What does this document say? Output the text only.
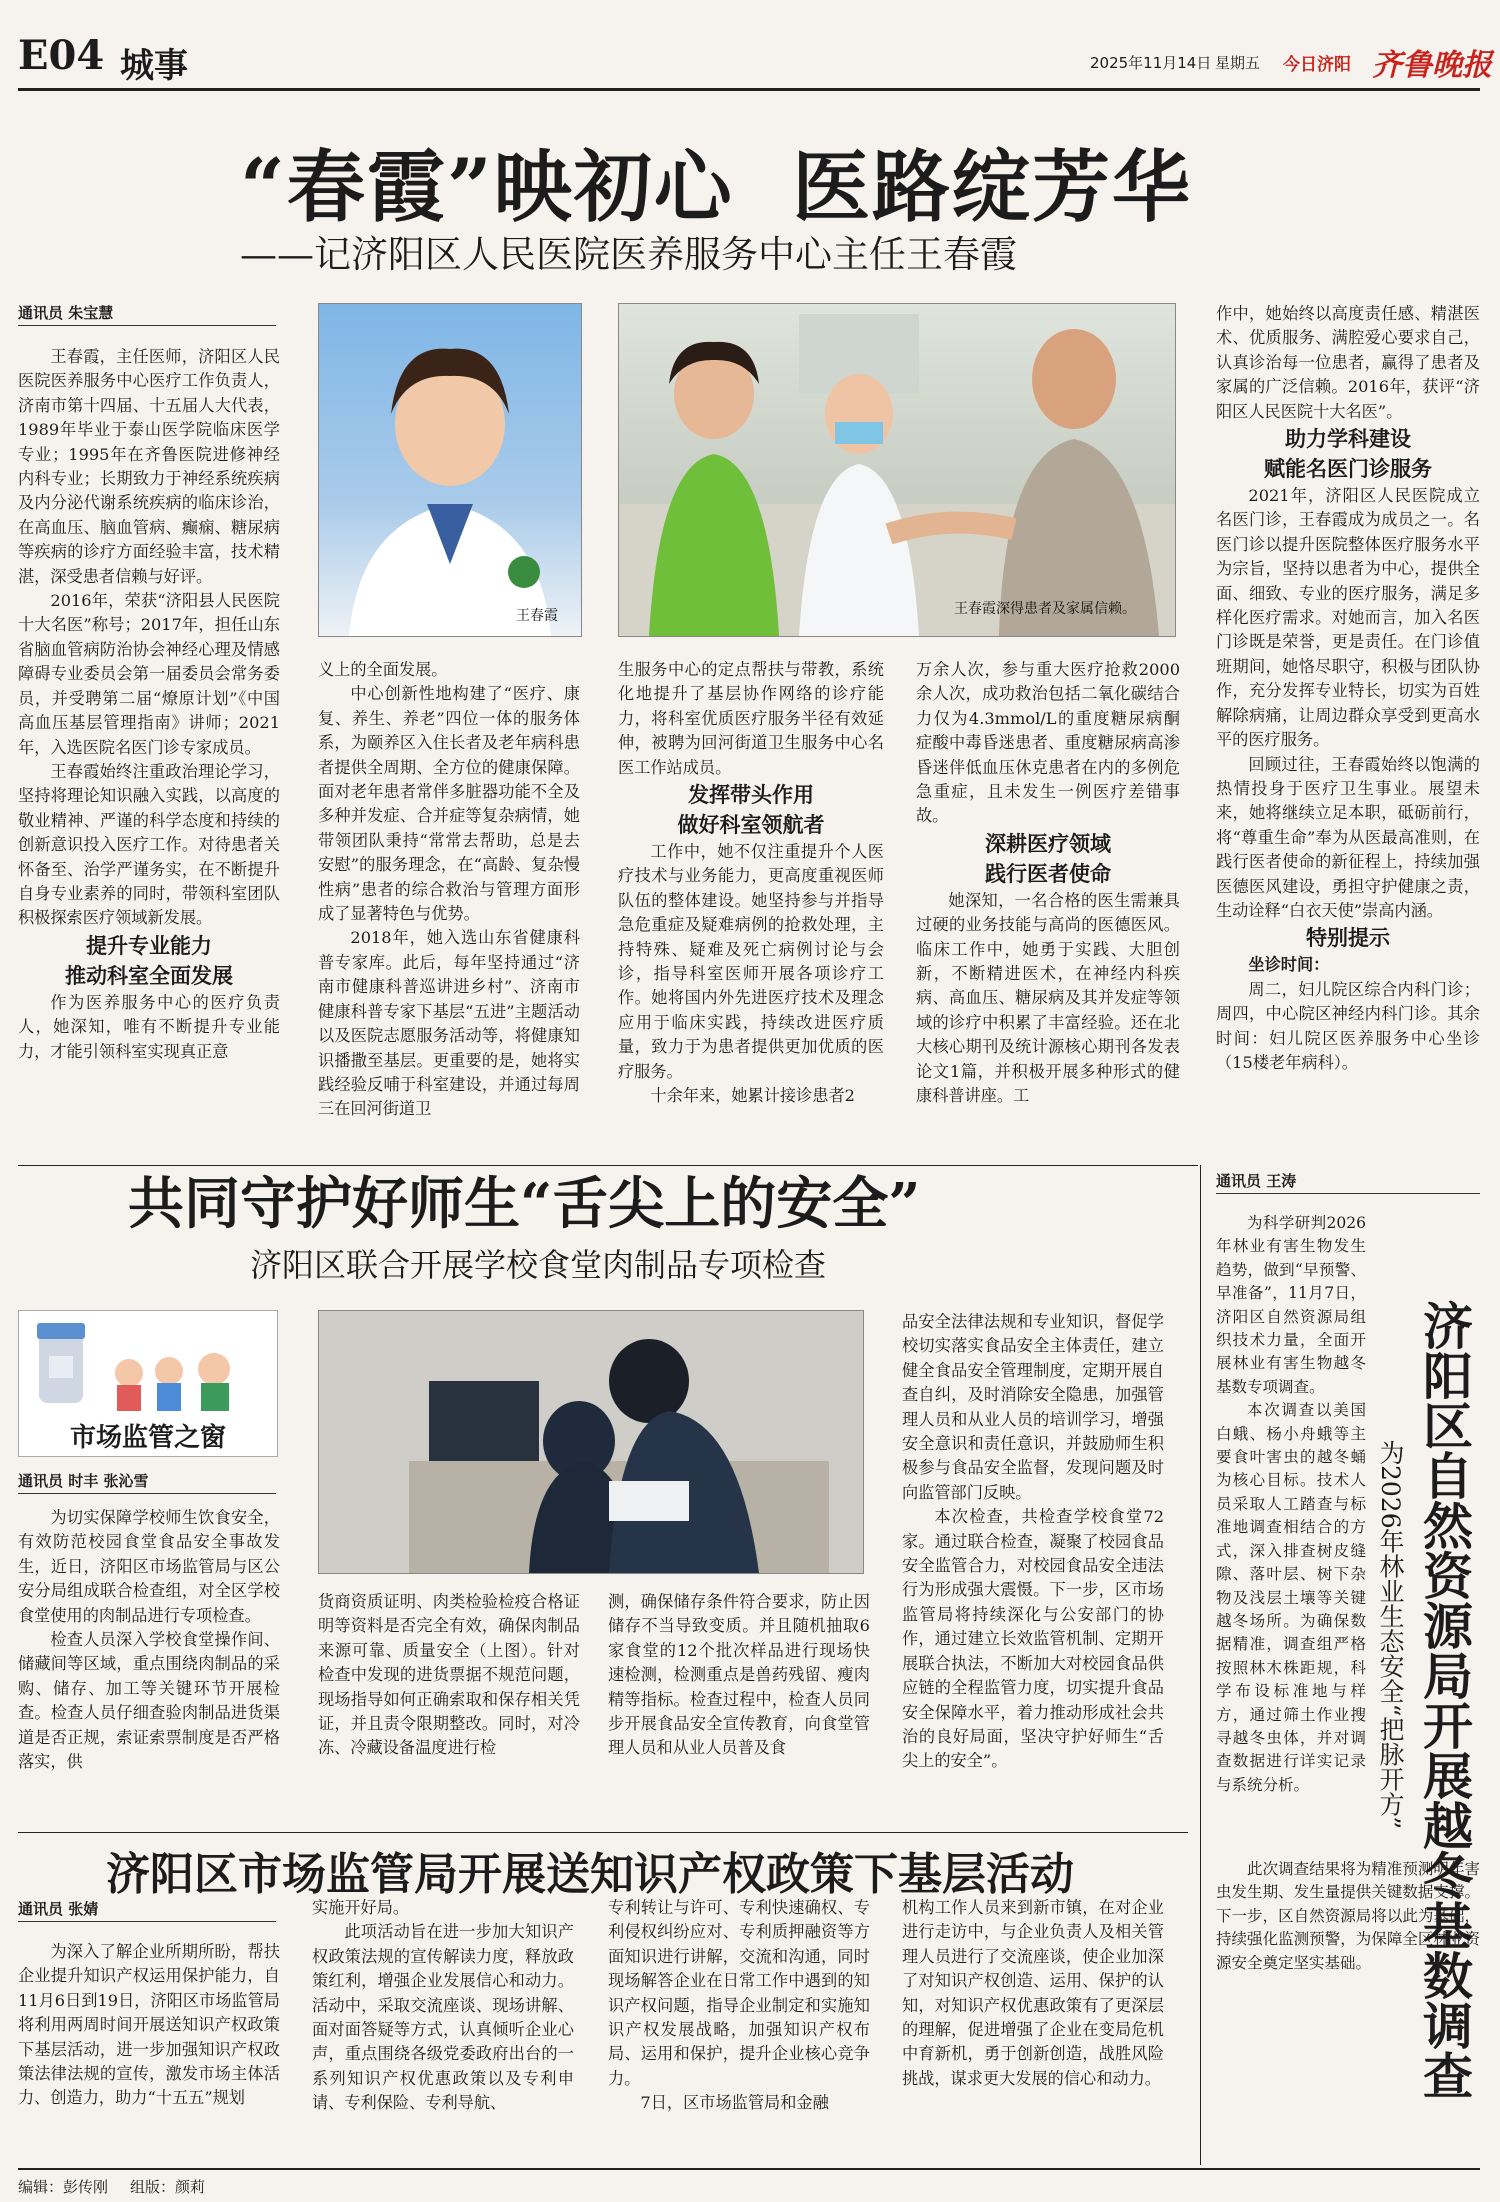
E04 城事	2025年11月14日 星期五 今日济阳 齐鲁晚报
“春霞”映初心  医路绽芳华
——记济阳区人民医院医养服务中心主任王春霞
通讯员 朱宝慧
王春霞	王春霞深得患者及家属信赖。

王春霞，主任医师，济阳区人民医院医养服务中心医疗工作负责人，济南市第十四届、十五届人大代表，1989年毕业于泰山医学院临床医学专业；1995年在齐鲁医院进修神经内科专业；长期致力于神经系统疾病及内分泌代谢系统疾病的临床诊治，在高血压、脑血管病、癫痫、糖尿病等疾病的诊疗方面经验丰富，技术精湛，深受患者信赖与好评。

2016年，荣获“济阳县人民医院十大名医”称号；2017年，担任山东省脑血管病防治协会神经心理及情感障碍专业委员会第一届委员会常务委员，并受聘第二届“燎原计划”《中国高血压基层管理指南》讲师；2021年，入选医院名医门诊专家成员。

王春霞始终注重政治理论学习，坚持将理论知识融入实践，以高度的敬业精神、严谨的科学态度和持续的创新意识投入医疗工作。对待患者关怀备至、治学严谨务实，在不断提升自身专业素养的同时，带领科室团队积极探索医疗领域新发展。

提升专业能力
推动科室全面发展

作为医养服务中心的医疗负责人，她深知，唯有不断提升专业能力，才能引领科室实现真正意

义上的全面发展。

中心创新性地构建了“医疗、康复、养生、养老”四位一体的服务体系，为颐养区入住长者及老年病科患者提供全周期、全方位的健康保障。面对老年患者常伴多脏器功能不全及多种并发症、合并症等复杂病情，她带领团队秉持“常常去帮助，总是去安慰”的服务理念，在“高龄、复杂慢性病”患者的综合救治与管理方面形成了显著特色与优势。

2018年，她入选山东省健康科普专家库。此后，每年坚持通过“济南市健康科普巡讲进乡村”、济南市健康科普专家下基层“五进”主题活动以及医院志愿服务活动等，将健康知识播撒至基层。更重要的是，她将实践经验反哺于科室建设，并通过每周三在回河街道卫

生服务中心的定点帮扶与带教，系统化地提升了基层协作网络的诊疗能力，将科室优质医疗服务半径有效延伸，被聘为回河街道卫生服务中心名医工作站成员。

发挥带头作用
做好科室领航者

工作中，她不仅注重提升个人医疗技术与业务能力，更高度重视医师队伍的整体建设。她坚持参与并指导急危重症及疑难病例的抢救处理，主持特殊、疑难及死亡病例讨论与会诊，指导科室医师开展各项诊疗工作。她将国内外先进医疗技术及理念应用于临床实践，持续改进医疗质量，致力于为患者提供更加优质的医疗服务。

十余年来，她累计接诊患者2

万余人次，参与重大医疗抢救2000余人次，成功救治包括二氧化碳结合力仅为4.3mmol/L的重度糖尿病酮症酸中毒昏迷患者、重度糖尿病高渗昏迷伴低血压休克患者在内的多例危急重症，且未发生一例医疗差错事故。

深耕医疗领域
践行医者使命

她深知，一名合格的医生需兼具过硬的业务技能与高尚的医德医风。临床工作中，她勇于实践、大胆创新，不断精进医术，在神经内科疾病、高血压、糖尿病及其并发症等领域的诊疗中积累了丰富经验。还在北大核心期刊及统计源核心期刊各发表论文1篇，并积极开展多种形式的健康科普讲座。工

作中，她始终以高度责任感、精湛医术、优质服务、满腔爱心要求自己，认真诊治每一位患者，赢得了患者及家属的广泛信赖。2016年，获评“济阳区人民医院十大名医”。

助力学科建设
赋能名医门诊服务

2021年，济阳区人民医院成立名医门诊，王春霞成为成员之一。名医门诊以提升医院整体医疗服务水平为宗旨，坚持以患者为中心，提供全面、细致、专业的医疗服务，满足多样化医疗需求。对她而言，加入名医门诊既是荣誉，更是责任。在门诊值班期间，她恪尽职守，积极与团队协作，充分发挥专业特长，切实为百姓解除病痛，让周边群众享受到更高水平的医疗服务。

回顾过往，王春霞始终以饱满的热情投身于医疗卫生事业。展望未来，她将继续立足本职，砥砺前行，将“尊重生命”奉为从医最高准则，在践行医者使命的新征程上，持续加强医德医风建设，勇担守护健康之责，生动诠释“白衣天使”崇高内涵。

特别提示

坐诊时间：

周二，妇儿院区综合内科门诊；周四，中心院区神经内科门诊。其余时间：妇儿院区医养服务中心坐诊（15楼老年病科）。

共同守护好师生“舌尖上的安全”
济阳区联合开展学校食堂肉制品专项检查
市场监管之窗
通讯员 时丰 张沁雪

为切实保障学校师生饮食安全，有效防范校园食堂食品安全事故发生，近日，济阳区市场监管局与区公安分局组成联合检查组，对全区学校食堂使用的肉制品进行专项检查。

检查人员深入学校食堂操作间、储藏间等区域，重点围绕肉制品的采购、储存、加工等关键环节开展检查。检查人员仔细查验肉制品进货渠道是否正规，索证索票制度是否严格落实，供

货商资质证明、肉类检验检疫合格证明等资料是否完全有效，确保肉制品来源可靠、质量安全（上图）。针对检查中发现的进货票据不规范问题，现场指导如何正确索取和保存相关凭证，并且责令限期整改。同时，对冷冻、冷藏设备温度进行检

测，确保储存条件符合要求，防止因储存不当导致变质。并且随机抽取6家食堂的12个批次样品进行现场快速检测，检测重点是兽药残留、瘦肉精等指标。检查过程中，检查人员同步开展食品安全宣传教育，向食堂管理人员和从业人员普及食

品安全法律法规和专业知识，督促学校切实落实食品安全主体责任，建立健全食品安全管理制度，定期开展自查自纠，及时消除安全隐患，加强管理人员和从业人员的培训学习，增强安全意识和责任意识，并鼓励师生积极参与食品安全监督，发现问题及时向监管部门反映。

本次检查，共检查学校食堂72家。通过联合检查，凝聚了校园食品安全监管合力，对校园食品安全违法行为形成强大震慑。下一步，区市场监管局将持续深化与公安部门的协作，通过建立长效监管机制、定期开展联合执法，不断加大对校园食品供应链的全程监管力度，切实提升食品安全保障水平，着力推动形成社会共治的良好局面，坚决守护好师生“舌尖上的安全”。

济阳区市场监管局开展送知识产权政策下基层活动
通讯员 张婧

为深入了解企业所期所盼，帮扶企业提升知识产权运用保护能力，自11月6日到19日，济阳区市场监管局将利用两周时间开展送知识产权政策下基层活动，进一步加强知识产权政策法律法规的宣传，激发市场主体活力、创造力，助力“十五五”规划

实施开好局。

此项活动旨在进一步加大知识产权政策法规的宣传解读力度，释放政策红利，增强企业发展信心和动力。活动中，采取交流座谈、现场讲解、面对面答疑等方式，认真倾听企业心声，重点围绕各级党委政府出台的一系列知识产权优惠政策以及专利申请、专利保险、专利导航、

专利转让与许可、专利快速确权、专利侵权纠纷应对、专利质押融资等方面知识进行讲解，交流和沟通，同时现场解答企业在日常工作中遇到的知识产权问题，指导企业制定和实施知识产权发展战略，加强知识产权布局、运用和保护，提升企业核心竞争力。

7日，区市场监管局和金融

机构工作人员来到新市镇，在对企业进行走访中，与企业负责人及相关管理人员进行了交流座谈，使企业加深了对知识产权创造、运用、保护的认知，对知识产权优惠政策有了更深层的理解，促进增强了企业在变局危机中育新机，勇于创新创造，战胜风险挑战，谋求更大发展的信心和动力。

通讯员 王涛

为科学研判2026年林业有害生物发生趋势，做到“早预警、早准备”，11月7日，济阳区自然资源局组织技术力量，全面开展林业有害生物越冬基数专项调查。

本次调查以美国白蛾、杨小舟蛾等主要食叶害虫的越冬蛹为核心目标。技术人员采取人工踏查与标准地调查相结合的方式，深入排查树皮缝隙、落叶层、树下杂物及浅层土壤等关键越冬场所。为确保数据精准，调查组严格按照林木株距规，科学布设标准地与样方，通过筛土作业搜寻越冬虫体，并对调查数据进行详实记录与系统分析。	济阳区自然资源局开展越冬基数调查
为2026年林业生态安全“把脉开方”

此次调查结果将为精准预测明年害虫发生期、发生量提供关键数据支撑。下一步，区自然资源局将以此为基础，持续强化监测预警，为保障全区林业资源安全奠定坚实基础。

编辑：彭传刚 组版：颜莉
